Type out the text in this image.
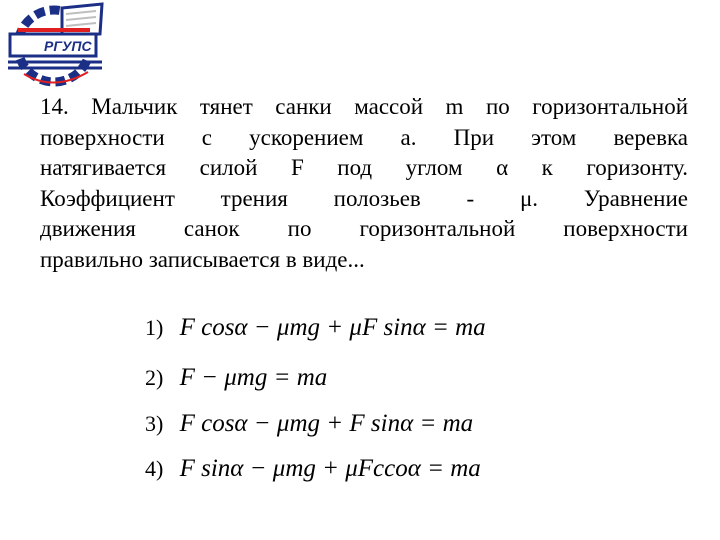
РГУПС
14. Мальчик тянет санки массой m по горизонтальной
поверхности с ускорением a. При этом веревка
натягивается силой F под углом α к горизонту.
Коэффициент трения полозьев - μ. Уравнение
движения санок по горизонтальной поверхности
правильно записывается в виде...
1) F cosα − μmg + μF sinα = ma
2) F − μmg = ma
3) F cosα − μmg + F sinα = ma
4) F sinα − μmg + μFccoα = ma
